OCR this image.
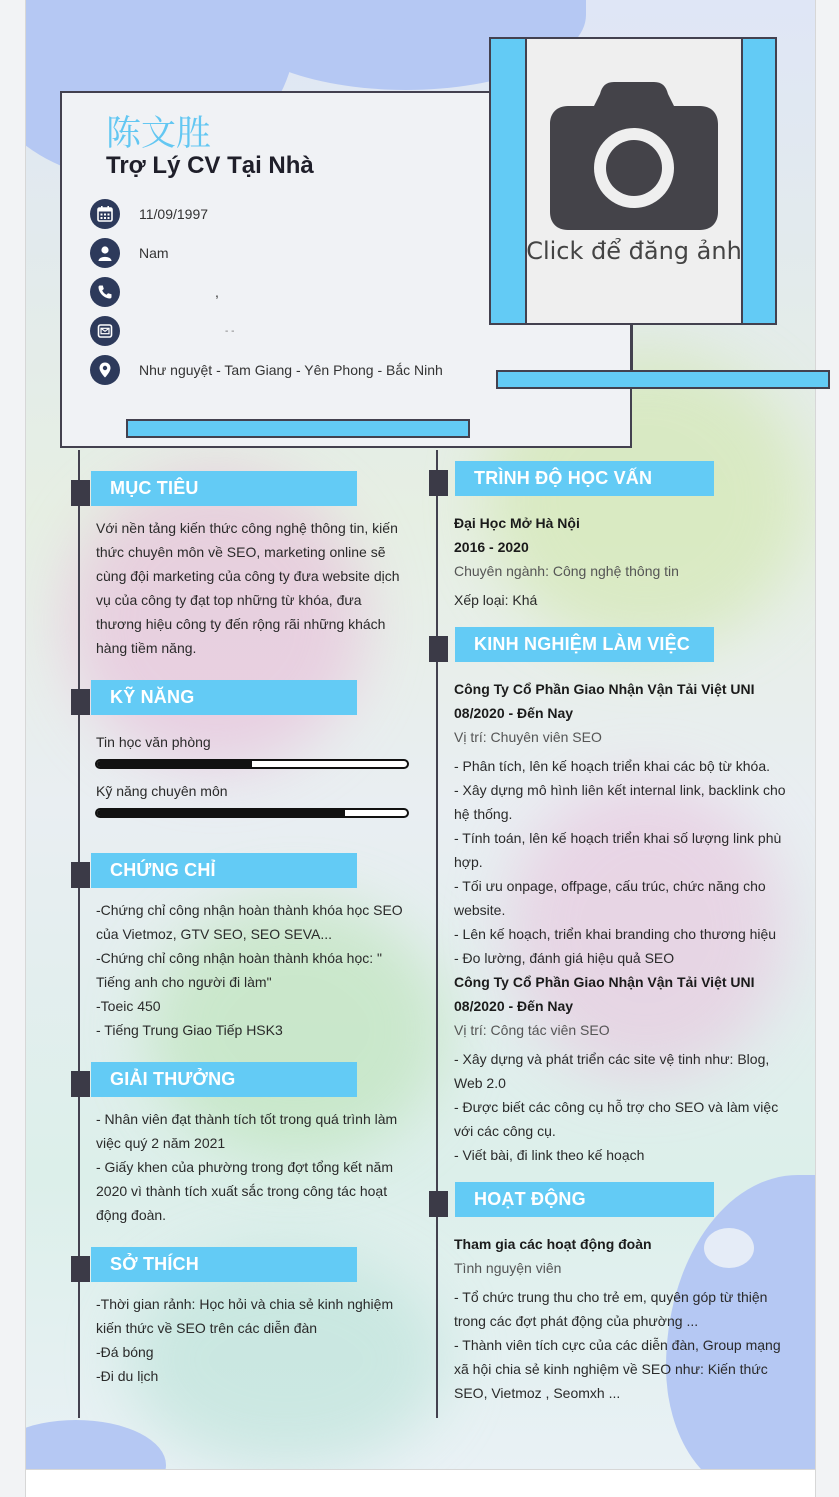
陈文胜
Trợ Lý CV Tại Nhà
11/09/1997
Nam
,
- -
Như nguyệt - Tam Giang - Yên Phong - Bắc Ninh
Click để đăng ảnh
MỤC TIÊU
Với nền tảng kiến thức công nghệ thông tin, kiến
thức chuyên môn về SEO, marketing online sẽ
cùng đội marketing của công ty đưa website dịch
vụ của công ty đạt top những từ khóa, đưa
thương hiệu công ty đến rộng rãi những khách
hàng tiềm năng.
KỸ NĂNG
Tin học văn phòng
Kỹ năng chuyên môn
CHỨNG CHỈ
-Chứng chỉ công nhận hoàn thành khóa học SEO
của Vietmoz, GTV SEO, SEO SEVA...
-Chứng chỉ công nhận hoàn thành khóa học: "
Tiếng anh cho người đi làm"
-Toeic 450
- Tiếng Trung Giao Tiếp HSK3
GIẢI THƯỞNG
- Nhân viên đạt thành tích tốt trong quá trình làm
việc quý 2 năm 2021
- Giấy khen của phường trong đợt tổng kết năm
2020 vì thành tích xuất sắc trong công tác hoạt
động đoàn.
SỞ THÍCH
-Thời gian rảnh: Học hỏi và chia sẻ kinh nghiệm
kiến thức về SEO trên các diễn đàn
-Đá bóng
-Đi du lịch
TRÌNH ĐỘ HỌC VẤN
Đại Học Mở Hà Nội
2016 - 2020
Chuyên ngành: Công nghệ thông tin
Xếp loại: Khá
KINH NGHIỆM LÀM VIỆC
Công Ty Cổ Phần Giao Nhận Vận Tải Việt UNI
08/2020 - Đến Nay
Vị trí: Chuyên viên SEO
- Phân tích, lên kế hoạch triển khai các bộ từ khóa.
- Xây dựng mô hình liên kết internal link, backlink cho
hệ thống.
- Tính toán, lên kế hoạch triển khai số lượng link phù
hợp.
- Tối ưu onpage, offpage, cấu trúc, chức năng cho
website.
- Lên kế hoạch, triển khai branding cho thương hiệu
- Đo lường, đánh giá hiệu quả SEO
Công Ty Cổ Phần Giao Nhận Vận Tải Việt UNI
08/2020 - Đến Nay
Vị trí: Công tác viên SEO
- Xây dựng và phát triển các site vệ tinh như: Blog,
Web 2.0
- Được biết các công cụ hỗ trợ cho SEO và làm việc
với các công cụ.
- Viết bài, đi link theo kế hoạch
HOẠT ĐỘNG
Tham gia các hoạt động đoàn
Tình nguyện viên
- Tổ chức trung thu cho trẻ em, quyên góp từ thiện
trong các đợt phát động của phường ...
- Thành viên tích cực của các diễn đàn, Group mạng
xã hội chia sẻ kinh nghiệm về SEO như: Kiến thức
SEO, Vietmoz , Seomxh ...
